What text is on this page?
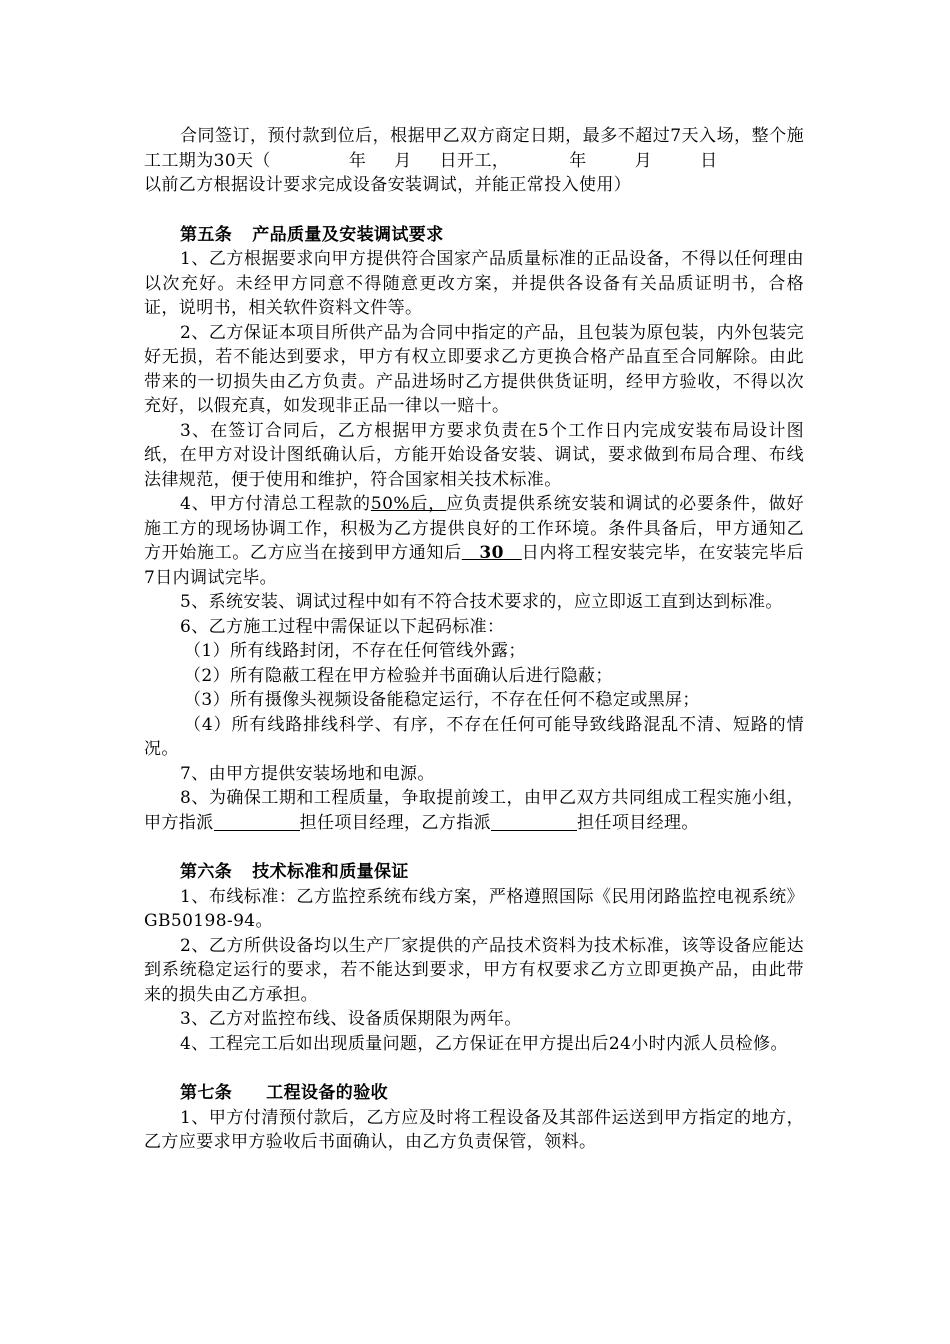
合同签订，预付款到位后，根据甲乙双方商定日期，最多不超过7天入场，整个施工工期为30天（	年 月 日开工，	年	月	日
以前乙方根据设计要求完成设备安装调试，并能正常投入使用）

第五条 产品质量及安装调试要求

1、乙方根据要求向甲方提供符合国家产品质量标准的正品设备，不得以任何理由以次充好。未经甲方同意不得随意更改方案，并提供各设备有关品质证明书，合格证，说明书，相关软件资料文件等。

2、乙方保证本项目所供产品为合同中指定的产品，且包装为原包装，内外包装完好无损，若不能达到要求，甲方有权立即要求乙方更换合格产品直至合同解除。由此带来的一切损失由乙方负责。产品进场时乙方提供供货证明，经甲方验收，不得以次充好，以假充真，如发现非正品一律以一赔十。

3、在签订合同后，乙方根据甲方要求负责在5个工作日内完成安装布局设计图纸，在甲方对设计图纸确认后，方能开始设备安装、调试，要求做到布局合理、布线法律规范，便于使用和维护，符合国家相关技术标准。

4、甲方付清总工程款的50%后，应负责提供系统安装和调试的必要条件，做好施工方的现场协调工作，积极为乙方提供良好的工作环境。条件具备后，甲方通知乙方开始施工。乙方应当在接到甲方通知后　30　日内将工程安装完毕，在安装完毕后　7日内调试完毕。

5、系统安装、调试过程中如有不符合技术要求的，应立即返工直到达到标准。

6、乙方施工过程中需保证以下起码标准：

（1）所有线路封闭，不存在任何管线外露；

（2）所有隐蔽工程在甲方检验并书面确认后进行隐蔽；

（3）所有摄像头视频设备能稳定运行，不存在任何不稳定或黑屏；

（4）所有线路排线科学、有序，不存在任何可能导致线路混乱不清、短路的情况。

7、由甲方提供安装场地和电源。

8、为确保工期和工程质量，争取提前竣工，由甲乙双方共同组成工程实施小组，甲方指派	担任项目经理，乙方指派	担任项目经理。

第六条 技术标准和质量保证

1、布线标准：乙方监控系统布线方案，严格遵照国际《民用闭路监控电视系统》GB50198-94。

2、乙方所供设备均以生产厂家提供的产品技术资料为技术标准，该等设备应能达到系统稳定运行的要求，若不能达到要求，甲方有权要求乙方立即更换产品，由此带来的损失由乙方承担。

3、乙方对监控布线、设备质保期限为两年。

4、工程完工后如出现质量问题，乙方保证在甲方提出后24小时内派人员检修。

第七条 工程设备的验收

1、甲方付清预付款后，乙方应及时将工程设备及其部件运送到甲方指定的地方，乙方应要求甲方验收后书面确认，由乙方负责保管，领料。
